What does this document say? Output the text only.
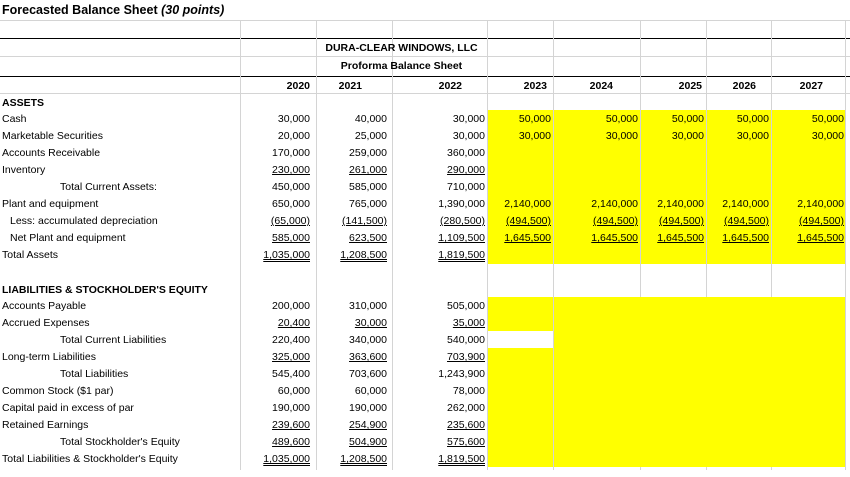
Forecasted Balance Sheet (30 points)
DURA-CLEAR WINDOWS, LLC
Proforma Balance Sheet
2020	2021	2022	2023	2024	2025	2026	2027
ASSETS
Cash	30,000	40,000	30,000	50,000	50,000	50,000	50,000	50,000
Marketable Securities	20,000	25,000	30,000	30,000	30,000	30,000	30,000	30,000
Accounts Receivable	170,000	259,000	360,000
Inventory	230,000	261,000	290,000
Total Current Assets:	450,000	585,000	710,000
Plant and equipment	650,000	765,000	1,390,000	2,140,000	2,140,000	2,140,000	2,140,000	2,140,000
Less: accumulated depreciation	(65,000)	(141,500)	(280,500)	(494,500)	(494,500)	(494,500)	(494,500)	(494,500)
Net Plant and equipment	585,000	623,500	1,109,500	1,645,500	1,645,500	1,645,500	1,645,500	1,645,500
Total Assets	1,035,000	1,208,500	1,819,500
Accounts Payable	200,000	310,000	505,000
Accrued Expenses	20,400	30,000	35,000
Total Current Liabilities	220,400	340,000	540,000
Long-term Liabilities	325,000	363,600	703,900
Total Liabilities	545,400	703,600	1,243,900
Common Stock ($1 par)	60,000	60,000	78,000
Capital paid in excess of par	190,000	190,000	262,000
Retained Earnings	239,600	254,900	235,600
Total Stockholder's Equity	489,600	504,900	575,600
Total Liabilities & Stockholder's Equity	1,035,000	1,208,500	1,819,500
LIABILITIES & STOCKHOLDER'S EQUITY
